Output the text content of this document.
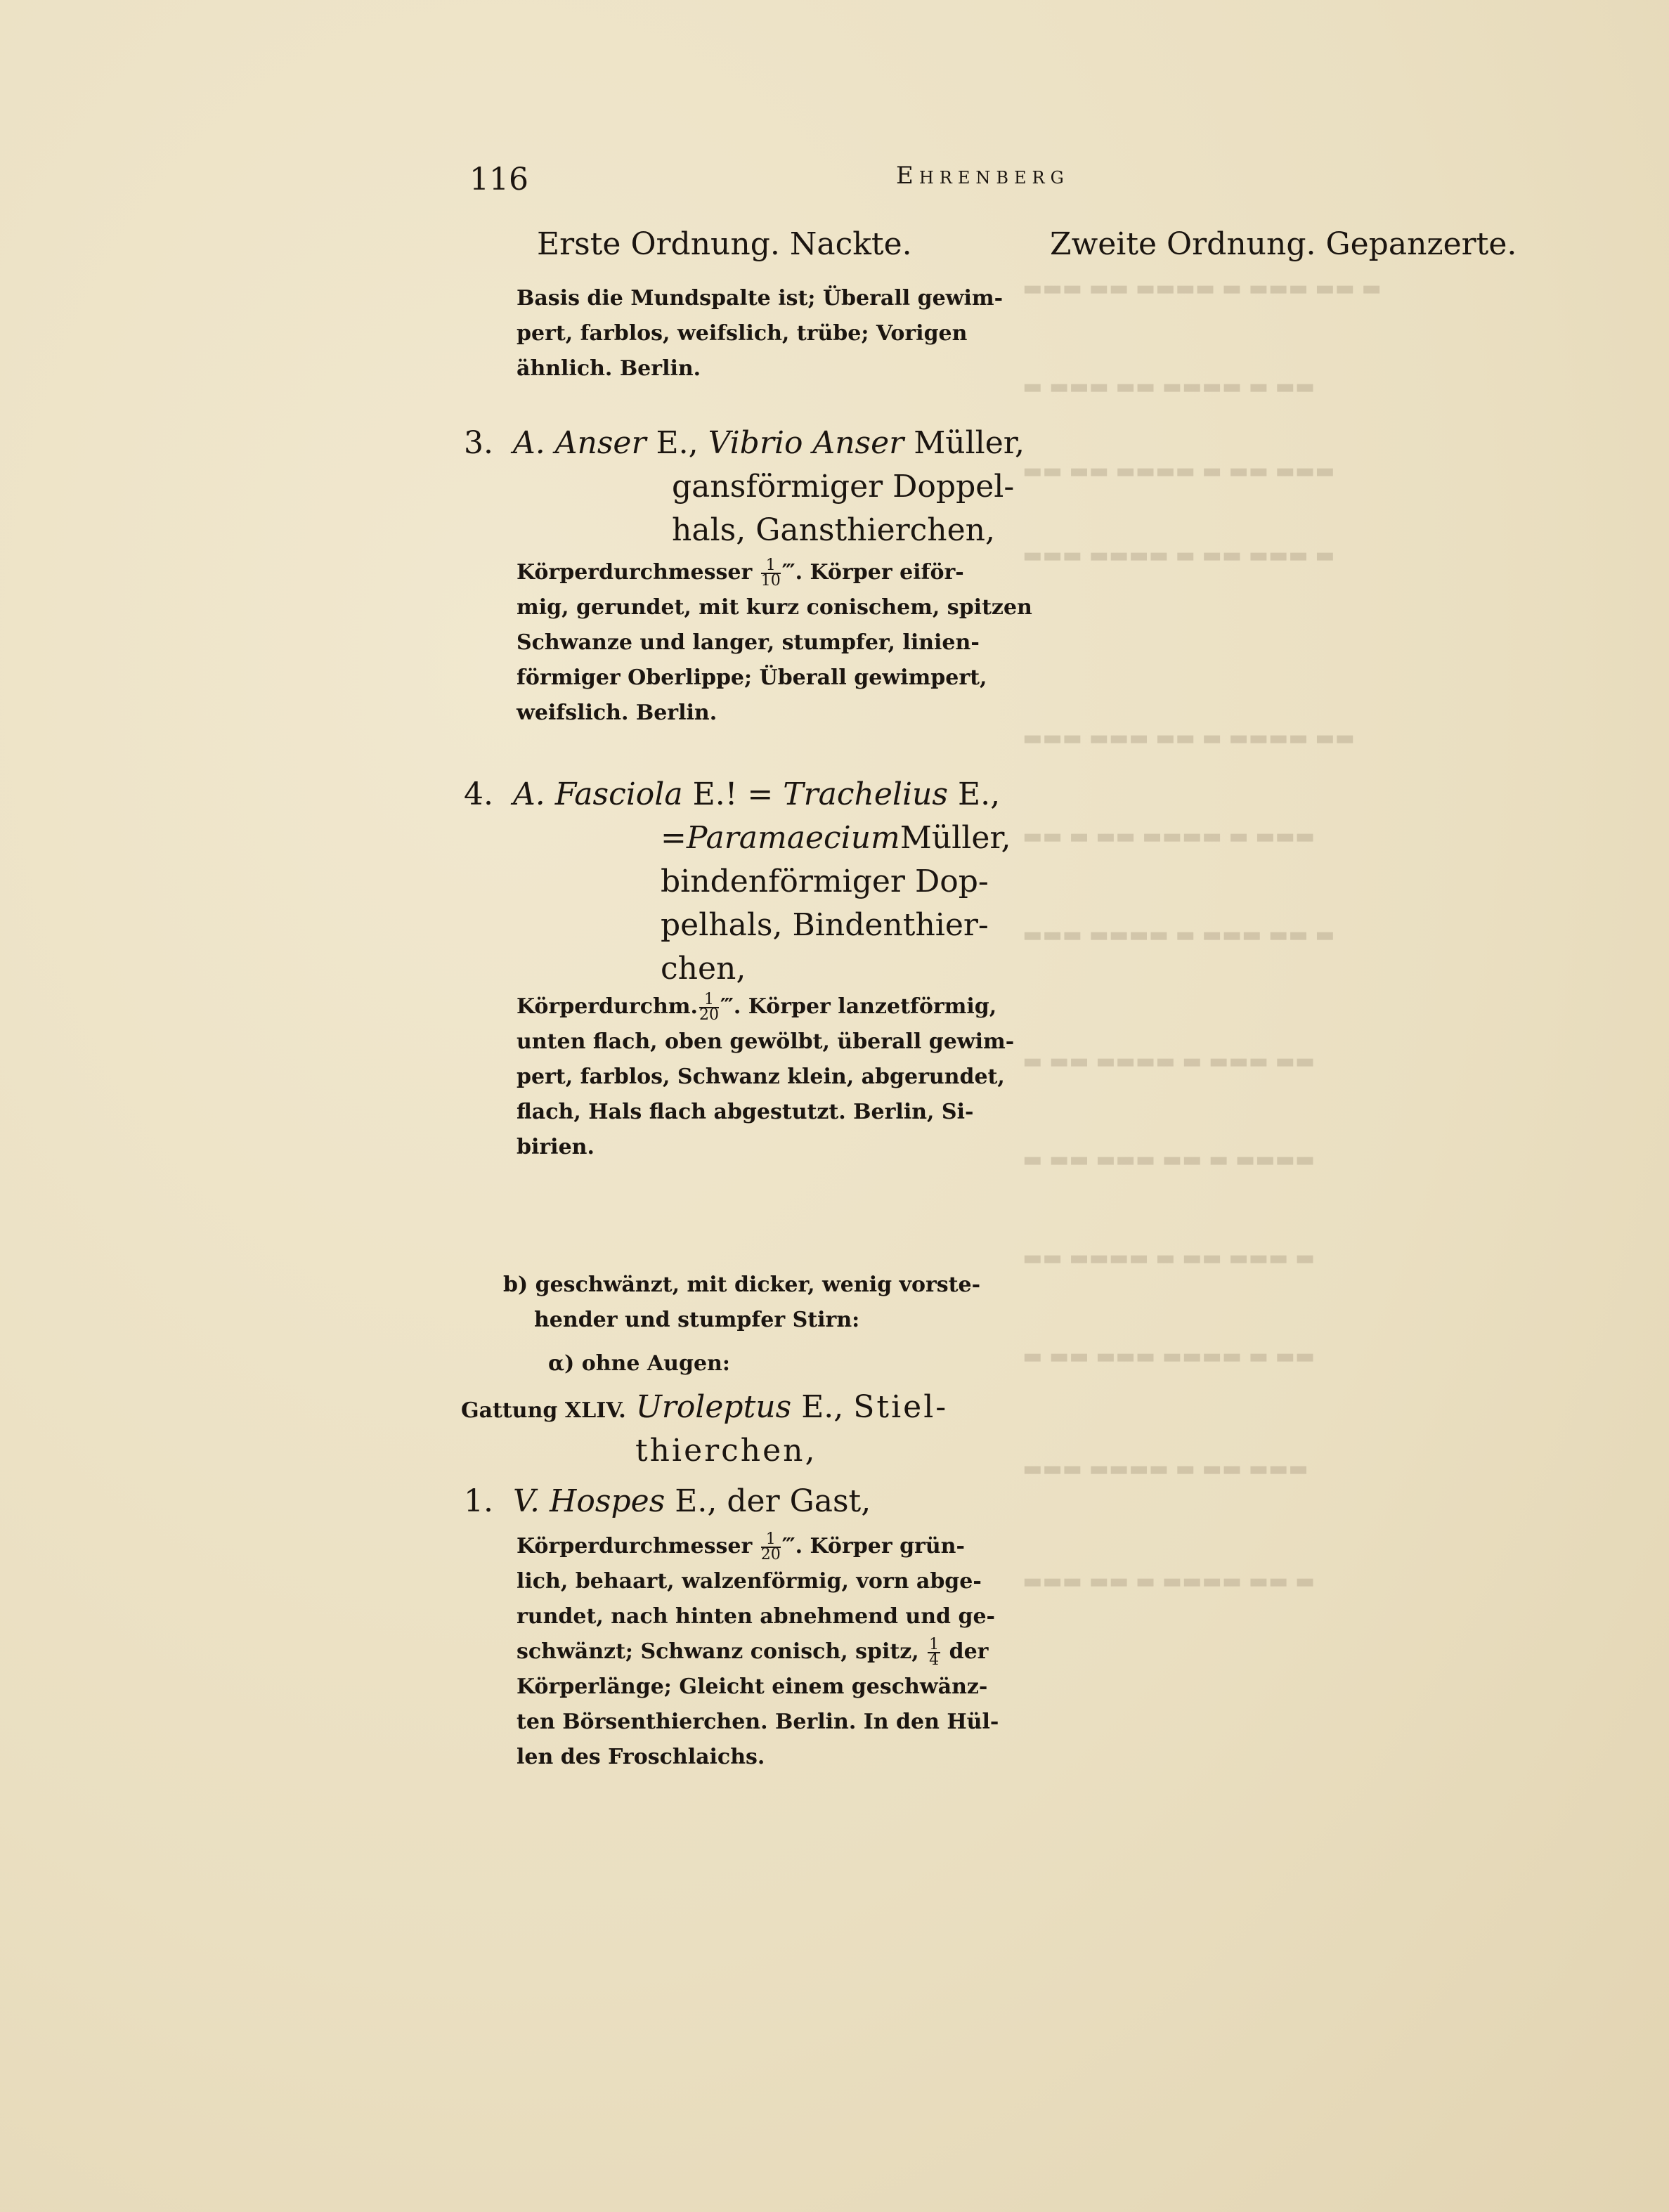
116	Ehrenberg
Erste Ordnung. Nackte.	Zweite Ordnung. Gepanzerte.
▬ ▬▬ ▬▬▬ ▬ ▬▬▬▬ ▬▬ ▬▬▬
▬▬ ▬ ▬▬▬▬ ▬▬ ▬▬▬ ▬
▬▬▬ ▬▬ ▬ ▬▬▬▬ ▬▬ ▬▬
▬ ▬▬▬ ▬▬ ▬ ▬▬▬▬ ▬▬▬
▬▬ ▬▬▬▬ ▬ ▬▬ ▬▬▬ ▬▬▬
▬▬▬ ▬ ▬▬▬▬ ▬▬ ▬ ▬▬
▬ ▬▬ ▬▬▬ ▬ ▬▬▬▬ ▬▬▬
▬▬ ▬▬▬ ▬ ▬▬▬▬ ▬▬ ▬
▬▬▬▬ ▬ ▬▬ ▬▬▬ ▬▬ ▬
▬ ▬▬▬ ▬▬ ▬ ▬▬▬▬ ▬▬
▬▬ ▬ ▬▬▬▬ ▬▬▬ ▬▬ ▬
▬▬▬ ▬▬ ▬ ▬▬▬▬ ▬▬▬
▬ ▬▬ ▬▬▬▬ ▬ ▬▬ ▬▬▬
Basis die Mundspalte ist; Überall gewim-
pert, farblos, weifslich, trübe; Vorigen
ähnlich. Berlin.
3. A. Anser E., Vibrio Anser Müller,
gansförmiger Doppel-
hals, Gansthierchen,
Körperdurchmesser $\frac{1}{10}$ ‴. Körper eiför-
mig, gerundet, mit kurz conischem, spitzen
Schwanze und langer, stumpfer, linien-
förmiger Oberlippe; Überall gewimpert,
weifslich. Berlin.
4. A. Fasciola E.! = Trachelius E.,
=ParamaeciumMüller,
bindenförmiger Dop-
pelhals, Bindenthier-
chen,
Körperdurchm. $\frac{1}{20}$ ‴. Körper lanzetförmig,
unten flach, oben gewölbt, überall gewim-
pert, farblos, Schwanz klein, abgerundet,
flach, Hals flach abgestutzt. Berlin, Si-
birien.
b) geschwänzt, mit dicker, wenig vorste-
hender und stumpfer Stirn:
α) ohne Augen:
Gattung XLIV. Uroleptus E., Stiel-
thierchen,
1. V. Hospes E., der Gast,
Körperdurchmesser $\frac{1}{20}$ ‴. Körper grün-
lich, behaart, walzenförmig, vorn abge-
rundet, nach hinten abnehmend und ge-
schwänzt; Schwanz conisch, spitz, $\frac{1}{4}$ der
Körperlänge; Gleicht einem geschwänz-
ten Börsenthierchen. Berlin. In den Hül-
len des Froschlaichs.
